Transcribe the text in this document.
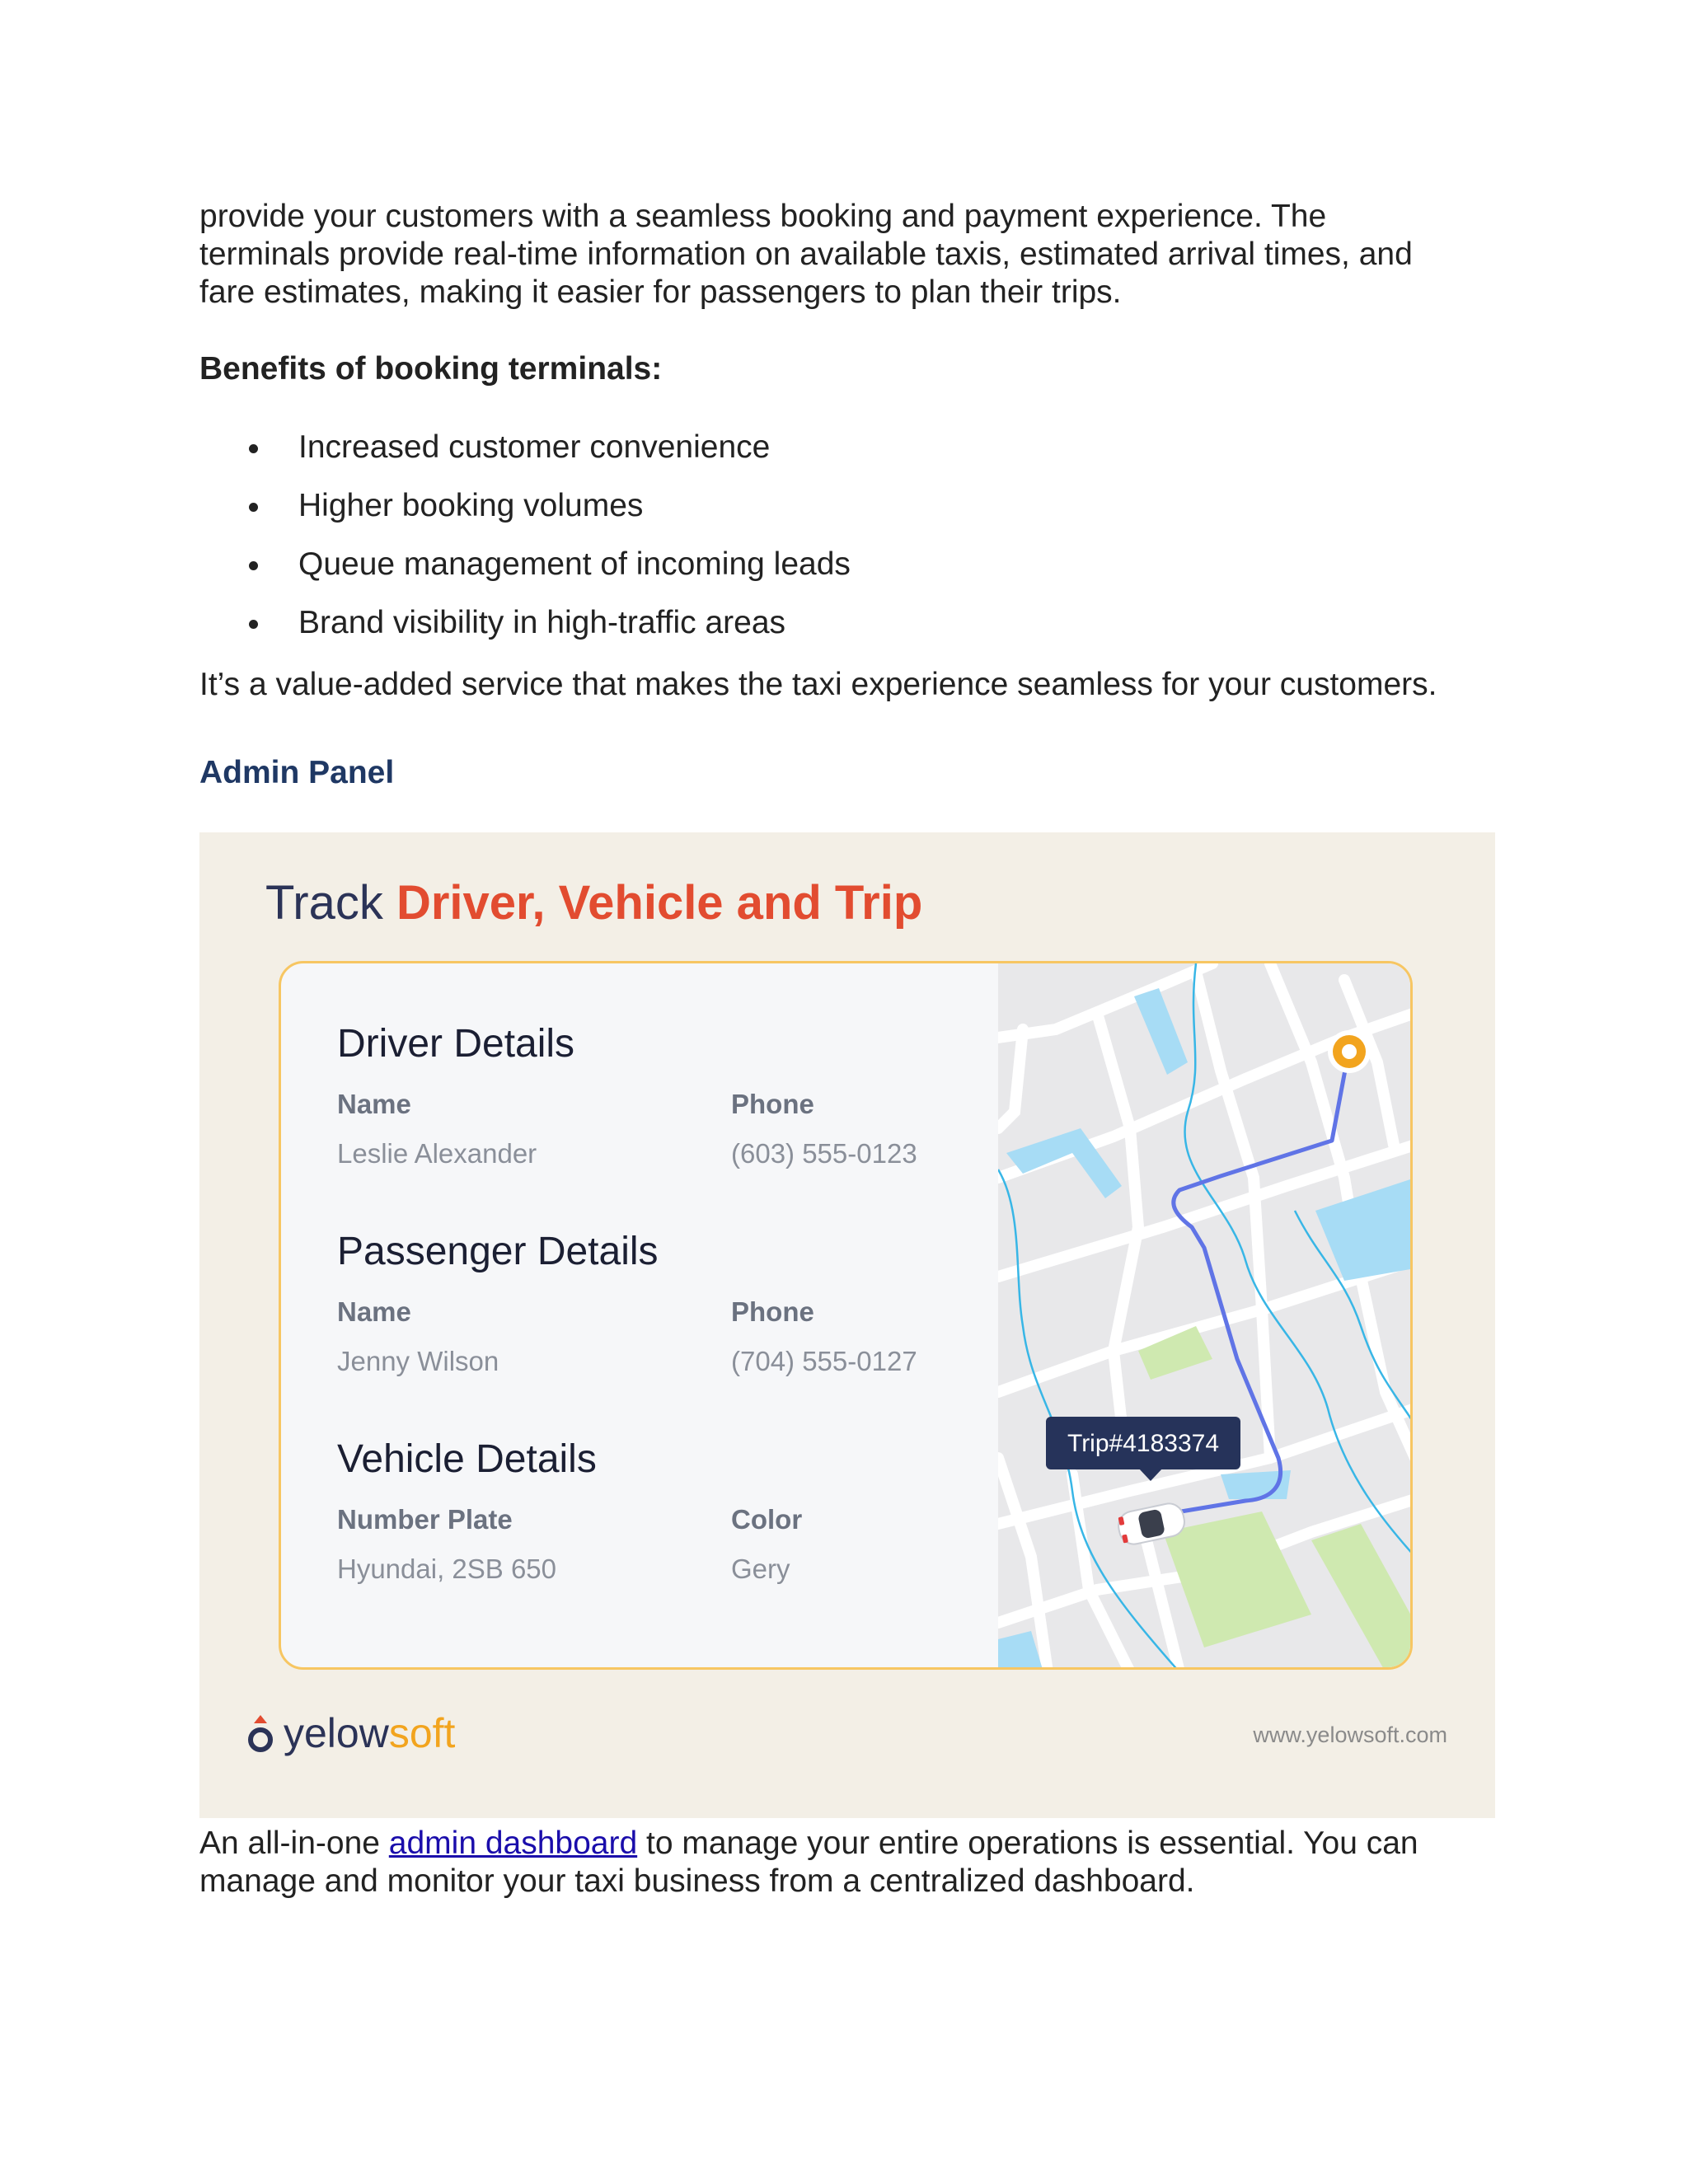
provide your customers with a seamless booking and payment experience. The
terminals provide real-time information on available taxis, estimated arrival times, and
fare estimates, making it easier for passengers to plan their trips.

Benefits of booking terminals:

Increased customer convenience
Higher booking volumes
Queue management of incoming leads
Brand visibility in high-traffic areas

It’s a value-added service that makes the taxi experience seamless for your customers.

Admin Panel

Track Driver, Vehicle and Trip
Driver Details
Name	Phone
Leslie Alexander	(603) 555-0123
Passenger Details
Name	Phone
Jenny Wilson	(704) 555-0127
Vehicle Details
Number Plate	Color
Hyundai, 2SB 650	Gery
Trip#4183374
yelowsoft	www.yelowsoft.com

An all-in-one admin dashboard to manage your entire operations is essential. You can
manage and monitor your taxi business from a centralized dashboard.
